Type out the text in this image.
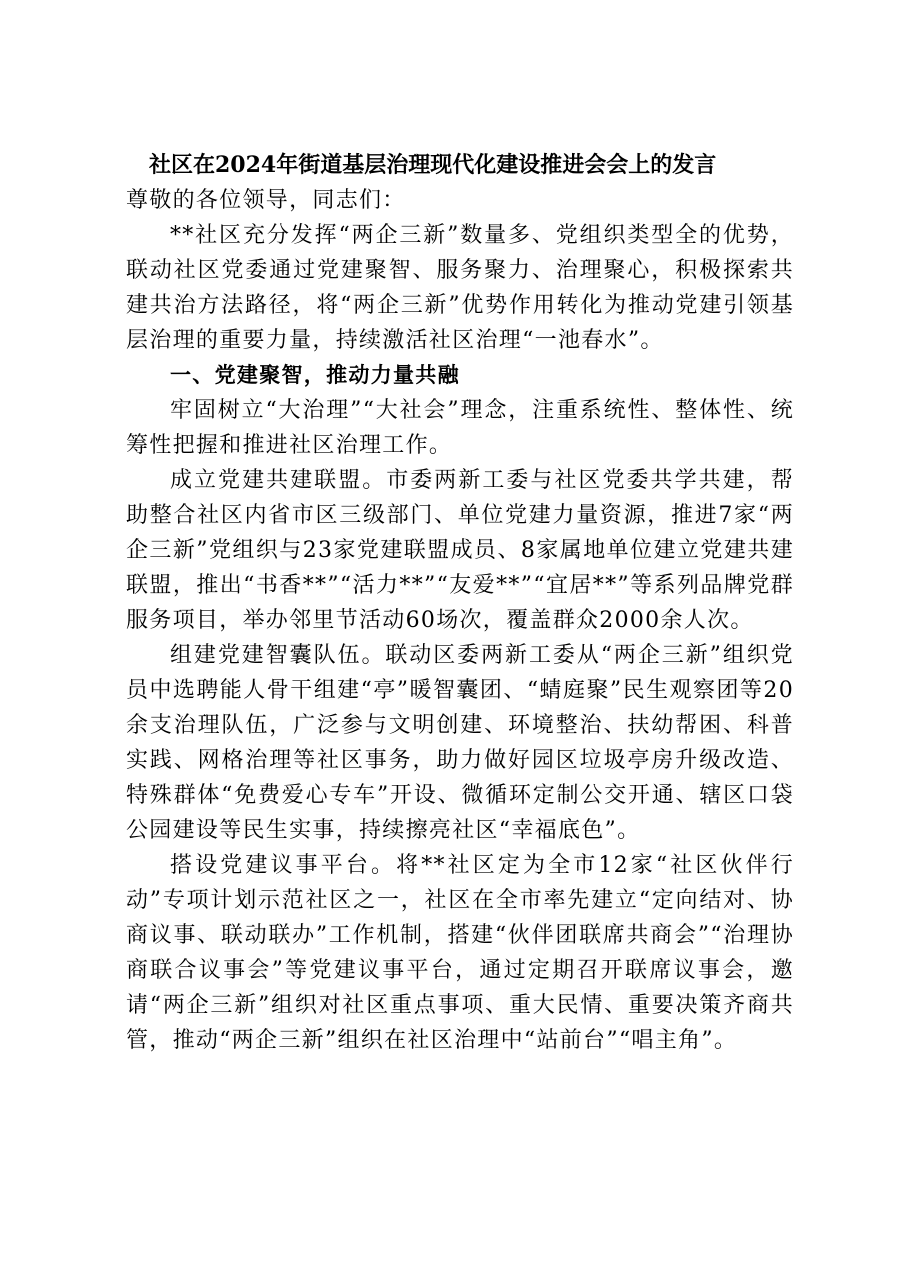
社区在2024年街道基层治理现代化建设推进会会上的发言

尊敬的各位领导，同志们：

**社区充分发挥“两企三新”数量多、党组织类型全的优势，联动社区党委通过党建聚智、服务聚力、治理聚心，积极探索共建共治方法路径，将“两企三新”优势作用转化为推动党建引领基层治理的重要力量，持续激活社区治理“一池春水”。

一、党建聚智，推动力量共融

牢固树立“大治理”“大社会”理念，注重系统性、整体性、统筹性把握和推进社区治理工作。

成立党建共建联盟。市委两新工委与社区党委共学共建，帮助整合社区内省市区三级部门、单位党建力量资源，推进7家“两企三新”党组织与23家党建联盟成员、8家属地单位建立党建共建联盟，推出“书香**”“活力**”“友爱**”“宜居**”等系列品牌党群服务项目，举办邻里节活动60场次，覆盖群众2000余人次。

组建党建智囊队伍。联动区委两新工委从“两企三新”组织党员中选聘能人骨干组建“亭”暖智囊团、“蜻庭聚”民生观察团等20余支治理队伍，广泛参与文明创建、环境整治、扶幼帮困、科普实践、网格治理等社区事务，助力做好园区垃圾亭房升级改造、特殊群体“免费爱心专车”开设、微循环定制公交开通、辖区口袋公园建设等民生实事，持续擦亮社区“幸福底色”。

搭设党建议事平台。将**社区定为全市12家“社区伙伴行动”专项计划示范社区之一，社区在全市率先建立“定向结对、协商议事、联动联办”工作机制，搭建“伙伴团联席共商会”“治理协商联合议事会”等党建议事平台，通过定期召开联席议事会，邀请“两企三新”组织对社区重点事项、重大民情、重要决策齐商共管，推动“两企三新”组织在社区治理中“站前台”“唱主角”。
